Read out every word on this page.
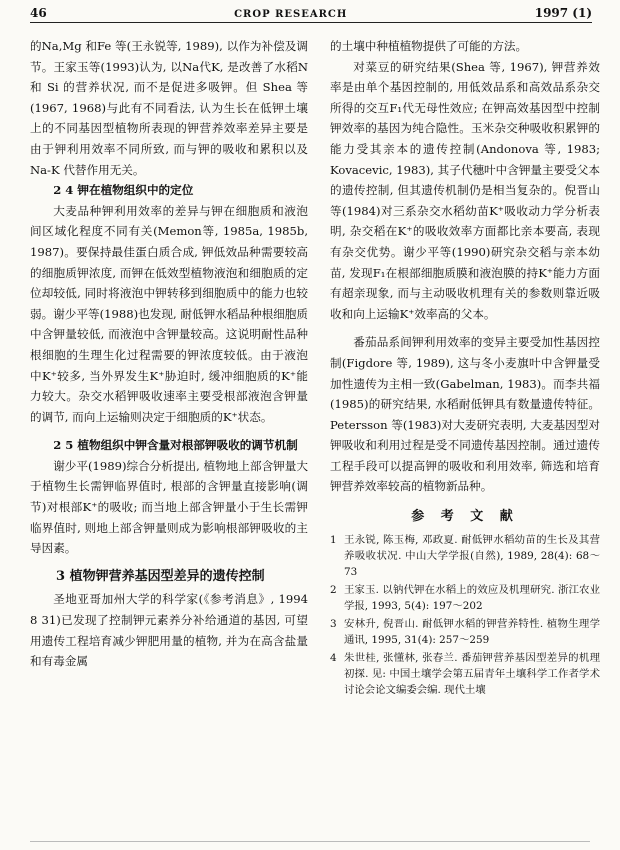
46	CROP RESEARCH	1997 (1)

的Na,Mg 和Fe 等(王永锐等, 1989), 以作为补偿及调节。王家玉等(1993)认为, 以Na代K, 是改善了水稻N 和 Si 的营养状况, 而不是促进多吸钾。但 Shea 等(1967, 1968)与此有不同看法, 认为生长在低钾土壤上的不同基因型植物所表现的钾营养效率差异主要是由于钾利用效率不同所致, 而与钾的吸收和累积以及Na-K 代替作用无关。

2 4 钾在植物组织中的定位

大麦品种钾利用效率的差异与钾在细胞质和液泡间区域化程度不同有关(Memon等, 1985a, 1985b, 1987)。要保持最佳蛋白质合成, 钾低效品种需要较高的细胞质钾浓度, 而钾在低效型植物液泡和细胞质的定位却较低, 同时将液泡中钾转移到细胞质中的能力也较弱。谢少平等(1988)也发现, 耐低钾水稻品种根细胞质中含钾量较低, 而液泡中含钾量较高。这说明耐性品种根细胞的生理生化过程需要的钾浓度较低。由于液泡中K⁺较多, 当外界发生K⁺胁迫时, 缓冲细胞质的K⁺能力较大。杂交水稻钾吸收速率主要受根部液泡含钾量的调节, 而向上运输则决定于细胞质的K⁺状态。

2 5 植物组织中钾含量对根部钾吸收的调节机制

谢少平(1989)综合分析提出, 植物地上部含钾量大于植物生长需钾临界值时, 根部的含钾量直接影响(调节)对根部K⁺的吸收; 而当地上部含钾量小于生长需钾临界值时, 则地上部含钾量则成为影响根部钾吸收的主导因素。

3 植物钾营养基因型差异的遗传控制

圣地亚哥加州大学的科学家(《参考消息》, 1994 8 31)已发现了控制钾元素养分补给通道的基因, 可望用遗传工程培育减少钾肥用量的植物, 并为在高含盐量和有毒金属

的土壤中种植植物提供了可能的方法。

对菜豆的研究结果(Shea 等, 1967), 钾营养效率是由单个基因控制的, 用低效品系和高效品系杂交所得的交互F₁代无母性效应; 在钾高效基因型中控制钾效率的基因为纯合隐性。玉米杂交种吸收积累钾的能力受其亲本的遗传控制(Andonova 等, 1983; Kovacevic, 1983), 其子代穗叶中含钾量主要受父本的遗传控制, 但其遗传机制仍是相当复杂的。倪晋山等(1984)对三系杂交水稻幼苗K⁺吸收动力学分析表明, 杂交稻在K⁺的吸收效率方面都比亲本要高, 表现有杂交优势。谢少平等(1990)研究杂交稻与亲本幼苗, 发现F₁在根部细胞质膜和液泡膜的持K⁺能力方面有超亲现象, 而与主动吸收机理有关的参数则靠近吸收和向上运输K⁺效率高的父本。

番茄品系间钾利用效率的变异主要受加性基因控制(Figdore 等, 1989), 这与冬小麦旗叶中含钾量受加性遗传为主相一致(Gabelman, 1983)。而李共福(1985)的研究结果, 水稻耐低钾具有数量遗传特征。Petersson 等(1983)对大麦研究表明, 大麦基因型对钾吸收和利用过程是受不同遗传基因控制。通过遗传工程手段可以提高钾的吸收和利用效率, 筛选和培育钾营养效率较高的植物新品种。

参 考 文 献
1 王永锐, 陈玉梅, 邓政夏. 耐低钾水稻幼苗的生长及其营养吸收状况. 中山大学学报(自然), 1989, 28(4): 68～73
2 王家玉. 以钠代钾在水稻上的效应及机理研究. 浙江农业学报, 1993, 5(4): 197～202
3 安林升, 倪晋山. 耐低钾水稻的钾营养特性. 植物生理学通讯, 1995, 31(4): 257～259
4 朱世桂, 张懂林, 张春兰. 番茄钾营养基因型差异的机理初探. 见: 中国土壤学会第五届青年土壤科学工作者学术讨论会论文编委会编. 现代土壤
